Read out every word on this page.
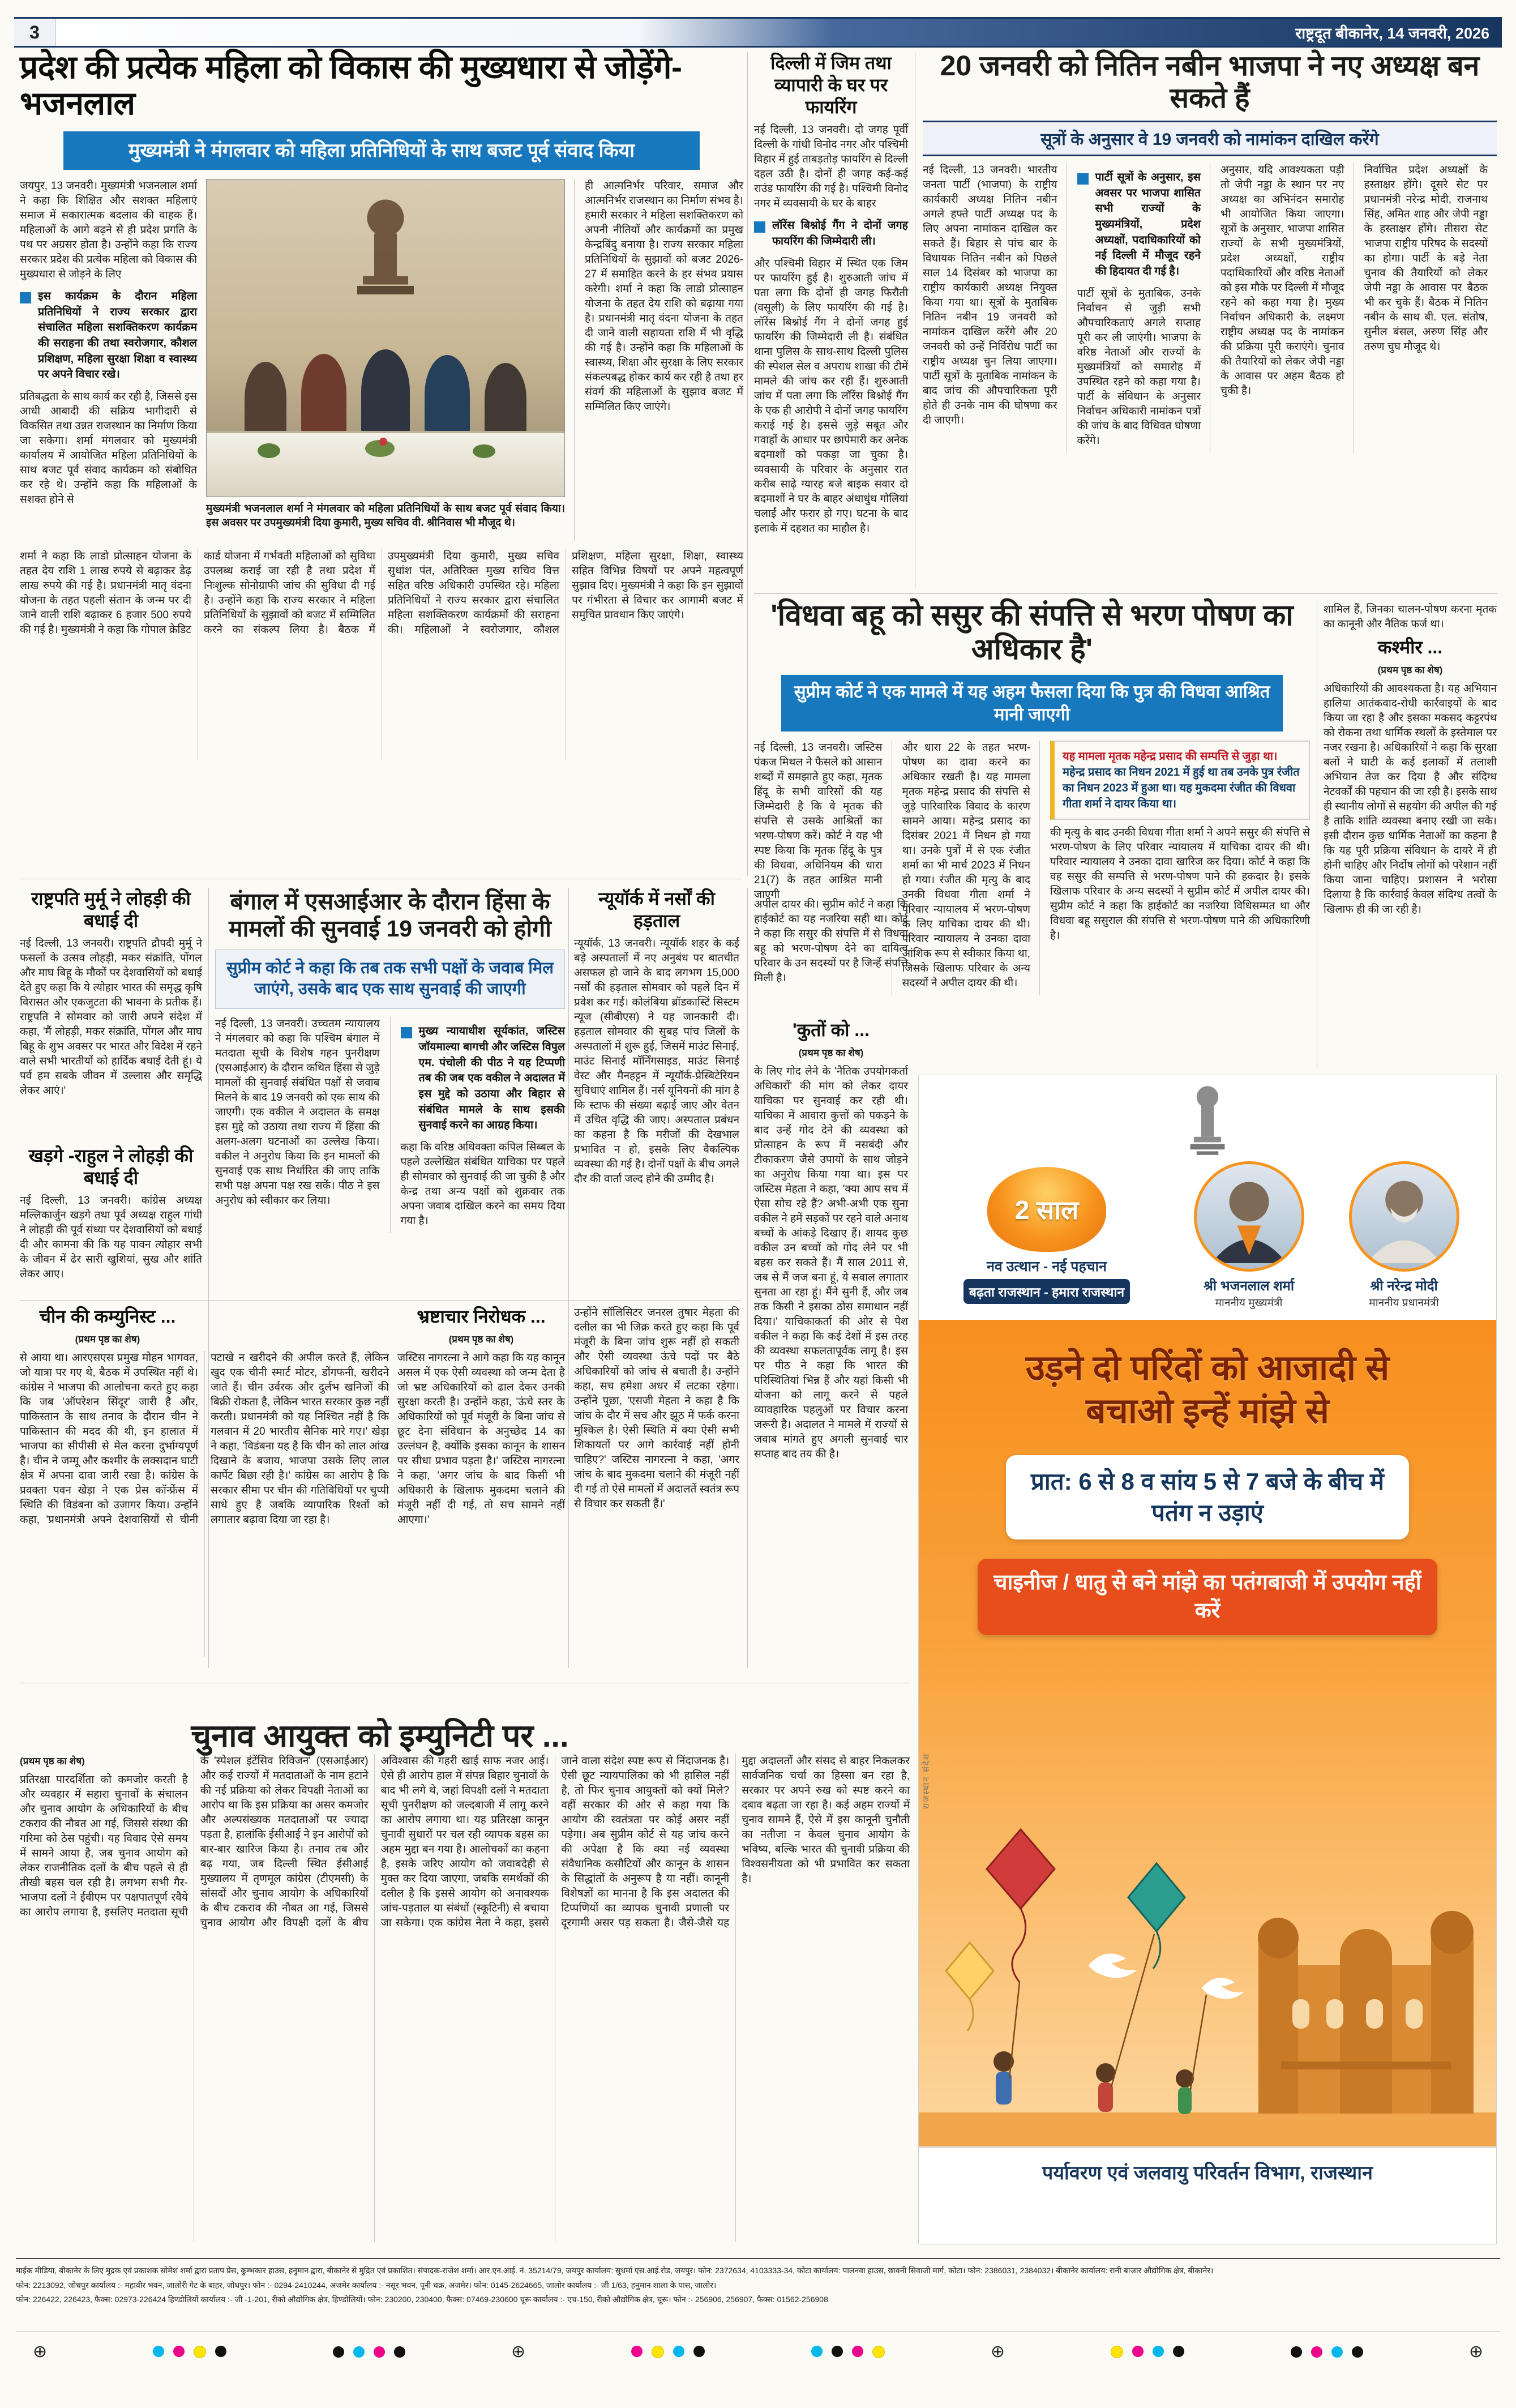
3	राष्ट्रदूत बीकानेर, 14 जनवरी, 2026
प्रदेश की प्रत्येक महिला को विकास की मुख्यधारा से जोड़ेंगे- भजनलाल
मुख्यमंत्री ने मंगलवार को महिला प्रतिनिधियों के साथ बजट पूर्व संवाद किया

जयपुर, 13 जनवरी। मुख्यमंत्री भजनलाल शर्मा ने कहा कि शिक्षित और सशक्त महिलाएं समाज में सकारात्मक बदलाव की वाहक हैं। महिलाओं के आगे बढ़ने से ही प्रदेश प्रगति के पथ पर अग्रसर होता है। उन्होंने कहा कि राज्य सरकार प्रदेश की प्रत्येक महिला को विकास की मुख्यधारा से जोड़ने के लिए

इस कार्यक्रम के दौरान महिला प्रतिनिधियों ने राज्य सरकार द्वारा संचालित महिला सशक्तिकरण कार्यक्रम की सराहना की तथा स्वरोजगार, कौशल प्रशिक्षण, महिला सुरक्षा शिक्षा व स्वास्थ्य पर अपने विचार रखे।

प्रतिबद्धता के साथ कार्य कर रही है, जिससे इस आधी आबादी की सक्रिय भागीदारी से विकसित तथा उन्नत राजस्थान का निर्माण किया जा सकेगा। शर्मा मंगलवार को मुख्यमंत्री कार्यालय में आयोजित महिला प्रतिनिधियों के साथ बजट पूर्व संवाद कार्यक्रम को संबोधित कर रहे थे। उन्होंने कहा कि महिलाओं के सशक्त होने से

मुख्यमंत्री भजनलाल शर्मा ने मंगलवार को महिला प्रतिनिधियों के साथ बजट पूर्व संवाद किया। इस अवसर पर उपमुख्यमंत्री दिया कुमारी, मुख्य सचिव वी. श्रीनिवास भी मौजूद थे।

ही आत्मनिर्भर परिवार, समाज और आत्मनिर्भर राजस्थान का निर्माण संभव है। हमारी सरकार ने महिला सशक्तिकरण को अपनी नीतियों और कार्यक्रमों का प्रमुख केन्द्रबिंदु बनाया है। राज्य सरकार महिला प्रतिनिधियों के सुझावों को बजट 2026-27 में समाहित करने के हर संभव प्रयास करेगी। शर्मा ने कहा कि लाडो प्रोत्साहन योजना के तहत देय राशि को बढ़ाया गया है। प्रधानमंत्री मातृ वंदना योजना के तहत दी जाने वाली सहायता राशि में भी वृद्धि की गई है। उन्होंने कहा कि महिलाओं के स्वास्थ्य, शिक्षा और सुरक्षा के लिए सरकार संकल्पबद्ध होकर कार्य कर रही है तथा हर संवर्ग की महिलाओं के सुझाव बजट में सम्मिलित किए जाएंगे।

शर्मा ने कहा कि लाडो प्रोत्साहन योजना के तहत देय राशि 1 लाख रुपये से बढ़ाकर डेढ़ लाख रुपये की गई है। प्रधानमंत्री मातृ वंदना योजना के तहत पहली संतान के जन्म पर दी जाने वाली राशि बढ़ाकर 6 हजार 500 रुपये की गई है। मुख्यमंत्री ने कहा कि गोपाल क्रेडिट कार्ड योजना में गर्भवती महिलाओं को सुविधा उपलब्ध कराई जा रही है तथा प्रदेश में निःशुल्क सोनोग्राफी जांच की सुविधा दी गई है। उन्होंने कहा कि राज्य सरकार ने महिला प्रतिनिधियों के सुझावों को बजट में सम्मिलित करने का संकल्प लिया है। बैठक में उपमुख्यमंत्री दिया कुमारी, मुख्य सचिव सुधांश पंत, अतिरिक्त मुख्य सचिव वित्त सहित वरिष्ठ अधिकारी उपस्थित रहे। महिला प्रतिनिधियों ने राज्य सरकार द्वारा संचालित महिला सशक्तिकरण कार्यक्रमों की सराहना की। महिलाओं ने स्वरोजगार, कौशल प्रशिक्षण, महिला सुरक्षा, शिक्षा, स्वास्थ्य सहित विभिन्न विषयों पर अपने महत्वपूर्ण सुझाव दिए। मुख्यमंत्री ने कहा कि इन सुझावों पर गंभीरता से विचार कर आगामी बजट में समुचित प्रावधान किए जाएंगे।
दिल्ली में जिम तथा व्यापारी के घर पर फायरिंग

नई दिल्ली, 13 जनवरी। दो जगह पूर्वी दिल्ली के गांधी विनोद नगर और पश्चिमी विहार में हुई ताबड़तोड़ फायरिंग से दिल्ली दहल उठी है। दोनों ही जगह कई-कई राउंड फायरिंग की गई है। पश्चिमी विनोद नगर में व्यवसायी के घर के बाहर

लॉरेंस बिश्नोई गैंग ने दोनों जगह फायरिंग की जिम्मेदारी ली।

और पश्चिमी विहार में स्थित एक जिम पर फायरिंग हुई है। शुरुआती जांच में पता लगा कि दोनों ही जगह फिरौती (वसूली) के लिए फायरिंग की गई है। लॉरेंस बिश्नोई गैंग ने दोनों जगह हुई फायरिंग की जिम्मेदारी ली है। संबंधित थाना पुलिस के साथ-साथ दिल्ली पुलिस की स्पेशल सेल व अपराध शाखा की टीमें मामले की जांच कर रही हैं। शुरुआती जांच में पता लगा कि लॉरेंस बिश्नोई गैंग के एक ही आरोपी ने दोनों जगह फायरिंग कराई गई है। इससे जुड़े सबूत और गवाहों के आधार पर छापेमारी कर अनेक बदमाशों को पकड़ा जा चुका है। व्यवसायी के परिवार के अनुसार रात करीब साढ़े ग्यारह बजे बाइक सवार दो बदमाशों ने घर के बाहर अंधाधुंध गोलियां चलाईं और फरार हो गए। घटना के बाद इलाके में दहशत का माहौल है।

20 जनवरी को नितिन नबीन भाजपा ने नए अध्यक्ष बन सकते हैं
सूत्रों के अनुसार वे 19 जनवरी को नामांकन दाखिल करेंगे

नई दिल्ली, 13 जनवरी। भारतीय जनता पार्टी (भाजपा) के राष्ट्रीय कार्यकारी अध्यक्ष नितिन नबीन अगले हफ्ते पार्टी अध्यक्ष पद के लिए अपना नामांकन दाखिल कर सकते हैं। बिहार से पांच बार के विधायक नितिन नबीन को पिछले साल 14 दिसंबर को भाजपा का राष्ट्रीय कार्यकारी अध्यक्ष नियुक्त किया गया था। सूत्रों के मुताबिक नितिन नबीन 19 जनवरी को नामांकन दाखिल करेंगे और 20 जनवरी को उन्हें निर्विरोध पार्टी का राष्ट्रीय अध्यक्ष चुन लिया जाएगा। पार्टी सूत्रों के मुताबिक नामांकन के बाद जांच की औपचारिकता पूरी होते ही उनके नाम की घोषणा कर दी जाएगी।

पार्टी सूत्रों के अनुसार, इस अवसर पर भाजपा शासित सभी राज्यों के मुख्यमंत्रियों, प्रदेश अध्यक्षों, पदाधिकारियों को नई दिल्ली में मौजूद रहने की हिदायत दी गई है।

पार्टी सूत्रों के मुताबिक, उनके निर्वाचन से जुड़ी सभी औपचारिकताएं अगले सप्ताह पूरी कर ली जाएंगी। भाजपा के वरिष्ठ नेताओं और राज्यों के मुख्यमंत्रियों को समारोह में उपस्थित रहने को कहा गया है। पार्टी के संविधान के अनुसार निर्वाचन अधिकारी नामांकन पत्रों की जांच के बाद विधिवत घोषणा करेंगे।

अनुसार, यदि आवश्यकता पड़ी तो जेपी नड्डा के स्थान पर नए अध्यक्ष का अभिनंदन समारोह भी आयोजित किया जाएगा। सूत्रों के अनुसार, भाजपा शासित राज्यों के सभी मुख्यमंत्रियों, प्रदेश अध्यक्षों, राष्ट्रीय पदाधिकारियों और वरिष्ठ नेताओं को इस मौके पर दिल्ली में मौजूद रहने को कहा गया है। मुख्य निर्वाचन अधिकारी के. लक्ष्मण राष्ट्रीय अध्यक्ष पद के नामांकन की प्रक्रिया पूरी कराएंगे। चुनाव की तैयारियों को लेकर जेपी नड्डा के आवास पर अहम बैठक हो चुकी है।

निर्वाचित प्रदेश अध्यक्षों के हस्ताक्षर होंगे। दूसरे सेट पर प्रधानमंत्री नरेन्द्र मोदी, राजनाथ सिंह, अमित शाह और जेपी नड्डा के हस्ताक्षर होंगे। तीसरा सेट भाजपा राष्ट्रीय परिषद के सदस्यों का होगा। पार्टी के बड़े नेता चुनाव की तैयारियों को लेकर जेपी नड्डा के आवास पर बैठक भी कर चुके हैं। बैठक में नितिन नबीन के साथ बी. एल. संतोष, सुनील बंसल, अरुण सिंह और तरुण चुघ मौजूद थे।

'विधवा बहू को ससुर की संपत्ति से भरण पोषण का अधिकार है'
सुप्रीम कोर्ट ने एक मामले में यह अहम फैसला दिया कि पुत्र की विधवा आश्रित मानी जाएगी

नई दिल्ली, 13 जनवरी। जस्टिस पंकज मिथल ने फैसले को आसान शब्दों में समझाते हुए कहा, मृतक हिंदू के सभी वारिसों की यह जिम्मेदारी है कि वे मृतक की संपत्ति से उसके आश्रितों का भरण-पोषण करें। कोर्ट ने यह भी स्पष्ट किया कि मृतक हिंदू के पुत्र की विधवा, अधिनियम की धारा 21(7) के तहत आश्रित मानी जाएगी

और धारा 22 के तहत भरण-पोषण का दावा करने का अधिकार रखती है। यह मामला मृतक महेन्द्र प्रसाद की संपत्ति से जुड़े पारिवारिक विवाद के कारण सामने आया। महेन्द्र प्रसाद का दिसंबर 2021 में निधन हो गया था। उनके पुत्रों में से एक रंजीत शर्मा का भी मार्च 2023 में निधन हो गया। रंजीत की मृत्यु के बाद उनकी विधवा गीता शर्मा ने परिवार न्यायालय में भरण-पोषण के लिए याचिका दायर की थी। परिवार न्यायालय ने उनका दावा आंशिक रूप से स्वीकार किया था, जिसके खिलाफ परिवार के अन्य सदस्यों ने अपील दायर की थी।

यह मामला मृतक महेन्द्र प्रसाद की सम्पत्ति से जुड़ा था। महेन्द्र प्रसाद का निधन 2021 में हुई था तब उनके पुत्र रंजीत का निधन 2023 में हुआ था। यह मुकदमा रंजीत की विधवा गीता शर्मा ने दायर किया था।

की मृत्यु के बाद उनकी विधवा गीता शर्मा ने अपने ससुर की संपत्ति से भरण-पोषण के लिए परिवार न्यायालय में याचिका दायर की थी। परिवार न्यायालय ने उनका दावा खारिज कर दिया। कोर्ट ने कहा कि वह ससुर की सम्पत्ति से भरण-पोषण पाने की हकदार है। इसके खिलाफ परिवार के अन्य सदस्यों ने सुप्रीम कोर्ट में अपील दायर की। सुप्रीम कोर्ट ने कहा कि हाईकोर्ट का नजरिया विधिसम्मत था और विधवा बहू ससुराल की संपत्ति से भरण-पोषण पाने की अधिकारिणी है।

शामिल हैं, जिनका चालन-पोषण करना मृतक का कानूनी और नैतिक फर्ज था।

कश्मीर ...
(प्रथम पृष्ठ का शेष)

अधिकारियों की आवश्यकता है। यह अभियान हालिया आतंकवाद-रोधी कार्रवाइयों के बाद किया जा रहा है और इसका मकसद कट्टरपंथ को रोकना तथा धार्मिक स्थलों के इस्तेमाल पर नजर रखना है। अधिकारियों ने कहा कि सुरक्षा बलों ने घाटी के कई इलाकों में तलाशी अभियान तेज कर दिया है और संदिग्ध नेटवर्कों की पहचान की जा रही है। इसके साथ ही स्थानीय लोगों से सहयोग की अपील की गई है ताकि शांति व्यवस्था बनाए रखी जा सके। इसी दौरान कुछ धार्मिक नेताओं का कहना है कि यह पूरी प्रक्रिया संविधान के दायरे में ही होनी चाहिए और निर्दोष लोगों को परेशान नहीं किया जाना चाहिए। प्रशासन ने भरोसा दिलाया है कि कार्रवाई केवल संदिग्ध तत्वों के खिलाफ ही की जा रही है।

राष्ट्रपति मुर्मू ने लोहड़ी की बधाई दी

नई दिल्ली, 13 जनवरी। राष्ट्रपति द्रौपदी मुर्मू ने फसलों के उत्सव लोहड़ी, मकर संक्रांति, पोंगल और माघ बिहू के मौकों पर देशवासियों को बधाई देते हुए कहा कि ये त्योहार भारत की समृद्ध कृषि विरासत और एकजुटता की भावना के प्रतीक हैं। राष्ट्रपति ने सोमवार को जारी अपने संदेश में कहा, 'मैं लोहड़ी, मकर संक्रांति, पोंगल और माघ बिहू के शुभ अवसर पर भारत और विदेश में रहने वाले सभी भारतीयों को हार्दिक बधाई देती हूं। ये पर्व हम सबके जीवन में उल्लास और समृद्धि लेकर आएं।'

खड़गे -राहुल ने लोहड़ी की बधाई दी

नई दिल्ली, 13 जनवरी। कांग्रेस अध्यक्ष मल्लिकार्जुन खड़गे तथा पूर्व अध्यक्ष राहुल गांधी ने लोहड़ी की पूर्व संध्या पर देशवासियों को बधाई दी और कामना की कि यह पावन त्योहार सभी के जीवन में ढेर सारी खुशियां, सुख और शांति लेकर आए।

बंगाल में एसआईआर के दौरान हिंसा के मामलों की सुनवाई 19 जनवरी को होगी
सुप्रीम कोर्ट ने कहा कि तब तक सभी पक्षों के जवाब मिल जाएंगे, उसके बाद एक साथ सुनवाई की जाएगी

नई दिल्ली, 13 जनवरी। उच्चतम न्यायालय ने मंगलवार को कहा कि पश्चिम बंगाल में मतदाता सूची के विशेष गहन पुनरीक्षण (एसआईआर) के दौरान कथित हिंसा से जुड़े मामलों की सुनवाई संबंधित पक्षों से जवाब मिलने के बाद 19 जनवरी को एक साथ की जाएगी। एक वकील ने अदालत के समक्ष इस मुद्दे को उठाया तथा राज्य में हिंसा की अलग-अलग घटनाओं का उल्लेख किया। वकील ने अनुरोध किया कि इन मामलों की सुनवाई एक साथ निर्धारित की जाए ताकि सभी पक्ष अपना पक्ष रख सकें। पीठ ने इस अनुरोध को स्वीकार कर लिया।

मुख्य न्यायाधीश सूर्यकांत, जस्टिस जॉयमाल्या बागची और जस्टिस विपुल एम. पंचोली की पीठ ने यह टिप्पणी तब की जब एक वकील ने अदालत में इस मुद्दे को उठाया और बिहार से संबंधित मामले के साथ इसकी सुनवाई करने का आग्रह किया।

कहा कि वरिष्ठ अधिवक्ता कपिल सिब्बल के पहले उल्लेखित संबंधित याचिका पर पहले ही सोमवार को सुनवाई की जा चुकी है और केन्द्र तथा अन्य पक्षों को शुक्रवार तक अपना जवाब दाखिल करने का समय दिया गया है।

न्यूयॉर्क में नर्सों की हड़ताल

न्यूयॉर्क, 13 जनवरी। न्यूयॉर्क शहर के कई बड़े अस्पतालों में नए अनुबंध पर बातचीत असफल हो जाने के बाद लगभग 15,000 नर्सों की हड़ताल सोमवार को पहले दिन में प्रवेश कर गई। कोलंबिया ब्रॉडकास्टिं सिस्टम न्यूज (सीबीएस) ने यह जानकारी दी। हड़ताल सोमवार की सुबह पांच जिलों के अस्पतालों में शुरू हुई, जिसमें माउंट सिनाई, माउंट सिनाई मॉर्निंगसाइड, माउंट सिनाई वेस्ट और मैनहट्टन में न्यूयॉर्क-प्रेस्बिटेरियन सुविधाएं शामिल हैं। नर्स यूनियनों की मांग है कि स्टाफ की संख्या बढ़ाई जाए और वेतन में उचित वृद्धि की जाए। अस्पताल प्रबंधन का कहना है कि मरीजों की देखभाल प्रभावित न हो, इसके लिए वैकल्पिक व्यवस्था की गई है। दोनों पक्षों के बीच अगले दौर की वार्ता जल्द होने की उम्मीद है।

अपील दायर की। सुप्रीम कोर्ट ने कहा कि हाईकोर्ट का यह नजरिया सही था। कोर्ट ने कहा कि ससुर की संपत्ति में से विधवा बहू को भरण-पोषण देने का दायित्व परिवार के उन सदस्यों पर है जिन्हें संपत्ति मिली है।

'कुतों को ...
(प्रथम पृष्ठ का शेष)

के लिए गोद लेने के 'नैतिक उपयोगकर्ता अधिकारों' की मांग को लेकर दायर याचिका पर सुनवाई कर रही थी। याचिका में आवारा कुत्तों को पकड़ने के बाद उन्हें गोद देने की व्यवस्था को प्रोत्साहन के रूप में नसबंदी और टीकाकरण जैसे उपायों के साथ जोड़ने का अनुरोध किया गया था। इस पर जस्टिस मेहता ने कहा, 'क्या आप सच में ऐसा सोच रहे हैं? अभी-अभी एक सुना वकील ने हमें सड़कों पर रहने वाले अनाथ बच्चों के आंकड़े दिखाए हैं। शायद कुछ वकील उन बच्चों को गोद लेने पर भी बहस कर सकते हैं। मैं साल 2011 से, जब से मैं जज बना हूं, ये सवाल लगातार सुनता आ रहा हूं। मैंने सुनी हैं, और जब तक किसी ने इसका ठोस समाधान नहीं दिया।' याचिकाकर्ता की ओर से पेश वकील ने कहा कि कई देशों में इस तरह की व्यवस्था सफलतापूर्वक लागू है। इस पर पीठ ने कहा कि भारत की परिस्थितियां भिन्न हैं और यहां किसी भी योजना को लागू करने से पहले व्यावहारिक पहलुओं पर विचार करना जरूरी है। अदालत ने मामले में राज्यों से जवाब मांगते हुए अगली सुनवाई चार सप्ताह बाद तय की है।

चीन की कम्युनिस्ट ...
(प्रथम पृष्ठ का शेष)
से आया था। आरएसएस प्रमुख मोहन भागवत, जो यात्रा पर गए थे, बैठक में उपस्थित नहीं थे। कांग्रेस ने भाजपा की आलोचना करते हुए कहा कि जब 'ऑपरेशन सिंदूर' जारी है और, पाकिस्तान के साथ तनाव के दौरान चीन ने पाकिस्तान की मदद की थी, इन हालात में भाजपा का सीपीसी से मेल करना दुर्भाग्यपूर्ण है। चीन ने जम्मू और कश्मीर के लक्सदान घाटी क्षेत्र में अपना दावा जारी रखा है। कांग्रेस के प्रवक्ता पवन खेड़ा ने एक प्रेस कॉन्फ्रेंस में स्थिति की विडंबना को उजागर किया। उन्होंने कहा, 'प्रधानमंत्री अपने देशवासियों से चीनी पटाखे न खरीदने की अपील करते हैं, लेकिन खुद एक चीनी स्मार्ट मोटर, डोंगफनी, खरीदने जाते हैं। चीन उर्वरक और दुर्लभ खनिजों की बिक्री रोकता है, लेकिन भारत सरकार कुछ नहीं करती। प्रधानमंत्री को यह निश्चित नहीं है कि गलवान में 20 भारतीय सैनिक मारे गए।' खेड़ा ने कहा, 'विडंबना यह है कि चीन को लाल आंख दिखाने के बजाय, भाजपा उसके लिए लाल कार्पेट बिछा रही है।' कांग्रेस का आरोप है कि सरकार सीमा पर चीन की गतिविधियों पर चुप्पी साधे हुए है जबकि व्यापारिक रिश्तों को लगातार बढ़ावा दिया जा रहा है।
भ्रष्टाचार निरोधक ...
(प्रथम पृष्ठ का शेष)

जस्टिस नागरत्ना ने आगे कहा कि यह कानून असल में एक ऐसी व्यवस्था को जन्म देता है जो भ्रष्ट अधिकारियों को ढाल देकर उनकी सुरक्षा करती है। उन्होंने कहा, 'ऊंचे स्तर के अधिकारियों को पूर्व मंजूरी के बिना जांच से छूट देना संविधान के अनुच्छेद 14 का उल्लंघन है, क्योंकि इसका कानून के शासन पर सीधा प्रभाव पड़ता है।' जस्टिस नागरत्ना ने कहा, 'अगर जांच के बाद किसी भी अधिकारी के खिलाफ मुकदमा चलाने की मंजूरी नहीं दी गई, तो सच सामने नहीं आएगा।'

उन्होंने सॉलिसिटर जनरल तुषार मेहता की दलील का भी जिक्र करते हुए कहा कि पूर्व मंजूरी के बिना जांच शुरू नहीं हो सकती और ऐसी व्यवस्था ऊंचे पदों पर बैठे अधिकारियों को जांच से बचाती है। उन्होंने कहा, सच हमेशा अधर में लटका रहेगा। उन्होंने पूछा, 'एसजी मेहता ने कहा है कि जांच के दौर में सच और झूठ में फर्क करना मुश्किल है। ऐसी स्थिति में क्या ऐसी सभी शिकायतों पर आगे कार्रवाई नहीं होनी चाहिए?' जस्टिस नागरत्ना ने कहा, 'अगर जांच के बाद मुकदमा चलाने की मंजूरी नहीं दी गई तो ऐसे मामलों में अदालतें स्वतंत्र रूप से विचार कर सकती हैं।'

चुनाव आयुक्त को इम्युनिटी पर ...
(प्रथम पृष्ठ का शेष)

प्रतिरक्षा पारदर्शिता को कमजोर करती है और व्यवहार में सहारा चुनावों के संचालन और चुनाव आयोग के अधिकारियों के बीच टकराव की नौबत आ गई, जिससे संस्था की गरिमा को ठेस पहुंची। यह विवाद ऐसे समय में सामने आया है, जब चुनाव आयोग को लेकर राजनीतिक दलों के बीच पहले से ही तीखी बहस चल रही है। लगभग सभी गैर-भाजपा दलों ने ईवीएम पर पक्षपातपूर्ण रवैये का आरोप लगाया है, इसलिए मतदाता सूची के 'स्पेशल इंटेंसिव रिविजन' (एसआईआर) और कई राज्यों में मतदाताओं के नाम हटाने की नई प्रक्रिया को लेकर विपक्षी नेताओं का आरोप था कि इस प्रक्रिया का असर कमजोर और अल्पसंख्यक मतदाताओं पर ज्यादा पड़ता है, हालांकि ईसीआई ने इन आरोपों को बार-बार खारिज किया है। तनाव तब और बढ़ गया, जब दिल्ली स्थित ईसीआई मुख्यालय में तृणमूल कांग्रेस (टीएमसी) के सांसदों और चुनाव आयोग के अधिकारियों के बीच टकराव की नौबत आ गई, जिससे चुनाव आयोग और विपक्षी दलों के बीच अविश्वास की गहरी खाई साफ नजर आई। ऐसे ही आरोप हाल में संपन्न बिहार चुनावों के बाद भी लगे थे, जहां विपक्षी दलों ने मतदाता सूची पुनरीक्षण को जल्दबाजी में लागू करने का आरोप लगाया था। यह प्रतिरक्षा कानून चुनावी सुधारों पर चल रही व्यापक बहस का अहम मुद्दा बन गया है। आलोचकों का कहना है, इसके जरिए आयोग को जवाबदेही से मुक्त कर दिया जाएगा, जबकि समर्थकों की दलील है कि इससे आयोग को अनावश्यक जांच-पड़ताल या संबंधों (स्कूटिनी) से बचाया जा सकेगा। एक कांग्रेस नेता ने कहा, इससे जाने वाला संदेश स्पष्ट रूप से निंदाजनक है। ऐसी छूट न्यायपालिका को भी हासिल नहीं है, तो फिर चुनाव आयुक्तों को क्यों मिले? वहीं सरकार की ओर से कहा गया कि आयोग की स्वतंत्रता पर कोई असर नहीं पड़ेगा। अब सुप्रीम कोर्ट से यह जांच करने की अपेक्षा है कि क्या नई व्यवस्था संवैधानिक कसौटियों और कानून के शासन के सिद्धांतों के अनुरूप है या नहीं। कानूनी विशेषज्ञों का मानना है कि इस अदालत की टिप्पणियों का व्यापक चुनावी प्रणाली पर दूरगामी असर पड़ सकता है। जैसे-जैसे यह मुद्दा अदालतों और संसद से बाहर निकलकर सार्वजनिक चर्चा का हिस्सा बन रहा है, सरकार पर अपने रुख को स्पष्ट करने का दबाव बढ़ता जा रहा है। कई अहम राज्यों में चुनाव सामने हैं, ऐसे में इस कानूनी चुनौती का नतीजा न केवल चुनाव आयोग के भविष्य, बल्कि भारत की चुनावी प्रक्रिया की विश्वसनीयता को भी प्रभावित कर सकता है।

2 साल
नव उत्थान - नई पहचान
बढ़ता राजस्थान - हमारा राजस्थान	श्री भजनलाल शर्मा
माननीय मुख्यमंत्री
श्री नरेन्द्र मोदी
माननीय प्रधानमंत्री
उड़ने दो परिंदों को आजादी से
बचाओ इन्हें मांझे से
प्रात: 6 से 8 व सांय 5 से 7 बजे के बीच में पतंग न उड़ाएं
चाइनीज / धातु से बने मांझे का पतंगबाजी में उपयोग नहीं करें
पर्यावरण एवं जलवायु परिवर्तन विभाग, राजस्थान
राजस्थान संदेश

माईक मीडिया, बीकानेर के लिए मुद्रक एवं प्रकाशक सोमेश शर्मा द्वारा प्रताप प्रेस, कुम्भकार हाउस, हनुमान द्वारा, बीकानेर से मुद्रित एवं प्रकाशित। संपादक-राजेश शर्मा। आर.एन.आई. नं. 35214/79, जयपुर कार्यालय: सुधर्मा एस.आई.रोड, जयपुर। फोन: 2372634, 4103333-34, कोटा कार्यालय: पालनवा हाउस, छावनी सिवाजी मार्ग, कोटा। फोन: 2386031, 2384032। बीकानेर कार्यालय: रानी बाजार औद्योगिक क्षेत्र, बीकानेर।

फोन: 2213092, जोधपुर कार्यालय :- महावीर भवन, जालोरी गेट के बाहर, जोधपुर। फोन :- 0294-2410244, अजमेर कार्यालय :- नसूर भवन, पूनी चक्र, अजमेर। फोन: 0145-2624665, जालोर कार्यालय :- जी 1/63, हनुमान शाला के पास, जालोर।

फोन: 226422, 226423, फैक्स: 02973-226424 हिण्डोलियों कार्यालय :- जी -1-201, रीको औद्योगिक क्षेत्र, हिण्डोलियों। फोन: 230200, 230400, फैक्स: 07469-230600 चूरू कार्यालय :- एच-150, रीको औद्योगिक क्षेत्र, चूरू। फोन :- 256906, 256907, फैक्स: 01562-256908

⊕	⊕	⊕	⊕
